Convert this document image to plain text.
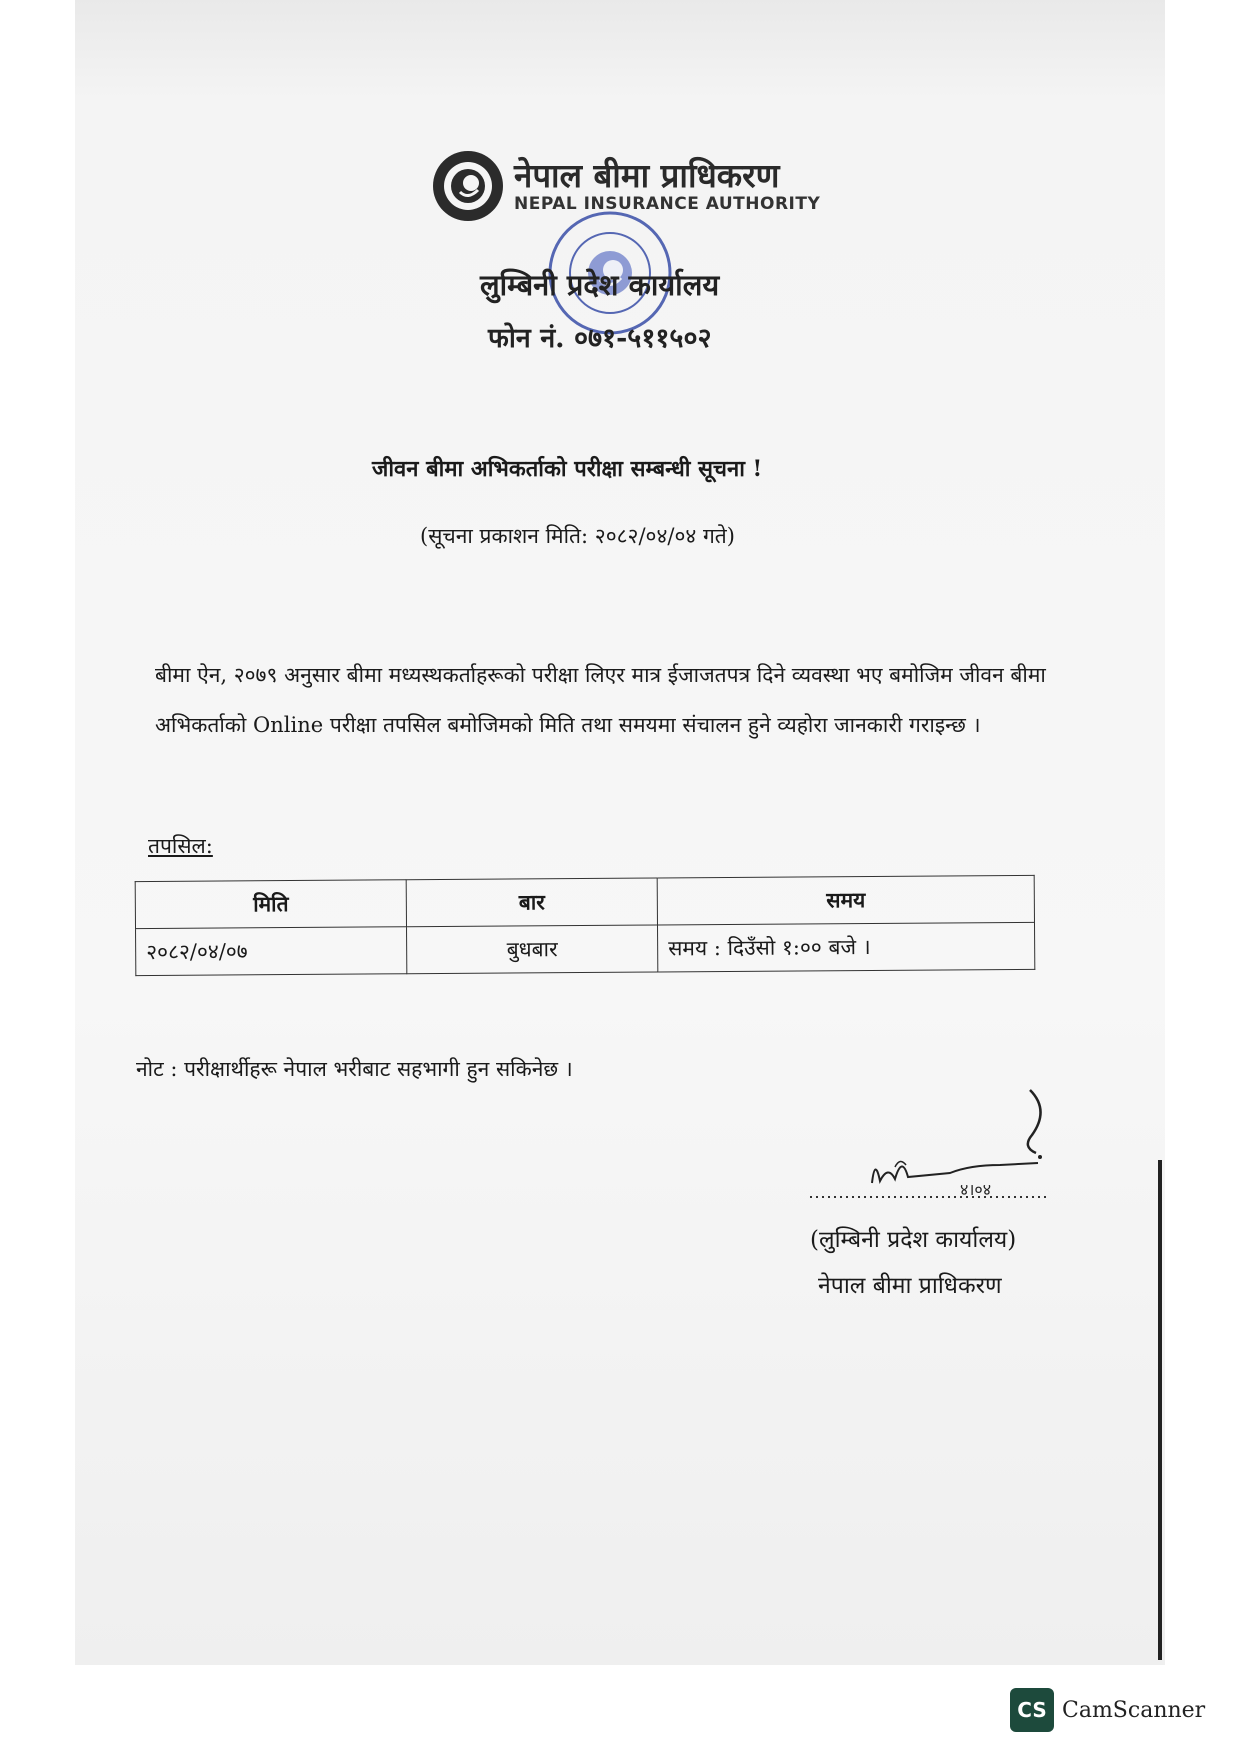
नेपाल बीमा प्राधिकरण
NEPAL INSURANCE AUTHORITY
लुम्बिनी प्रदेश कार्यालय
फोन नं. ०७१-५११५०२
जीवन बीमा अभिकर्ताको परीक्षा सम्बन्धी सूचना !
(सूचना प्रकाशन मिति: २०८२/०४/०४ गते)
बीमा ऐन, २०७९ अनुसार बीमा मध्यस्थकर्ताहरूको परीक्षा लिएर मात्र ईजाजतपत्र दिने व्यवस्था भए बमोजिम जीवन बीमा अभिकर्ताको Online परीक्षा तपसिल बमोजिमको मिति तथा समयमा संचालन हुने व्यहोरा जानकारी गराइन्छ ।
तपसिल:
मिति	बार	समय
२०८२/०४/०७	बुधबार	समय : दिउँसो १:०० बजे ।
नोट : परीक्षार्थीहरू नेपाल भरीबाट सहभागी हुन सकिनेछ ।
४।०४
(लुम्बिनी प्रदेश कार्यालय)
नेपाल बीमा प्राधिकरण
CS CamScanner
